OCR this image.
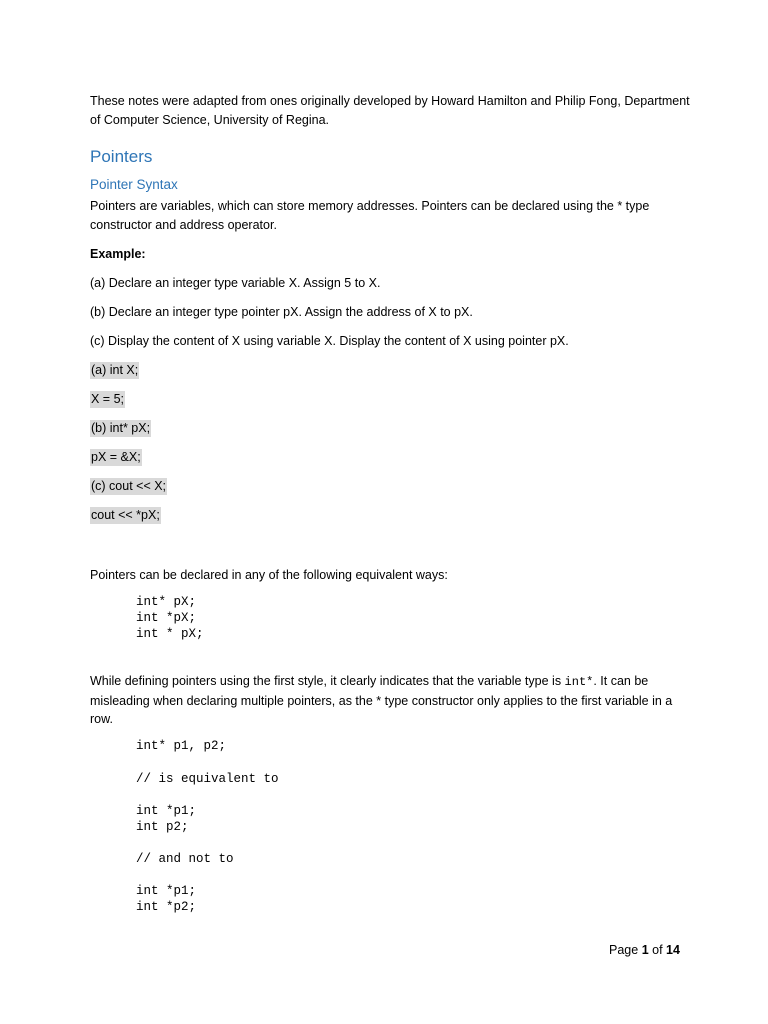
These notes were adapted from ones originally developed by Howard Hamilton and Philip Fong, Department of Computer Science, University of Regina.
Pointers
Pointer Syntax
Pointers are variables, which can store memory addresses. Pointers can be declared using the * type constructor and address operator.
Example:
(a) Declare an integer type variable X. Assign 5 to X.
(b) Declare an integer type pointer pX. Assign the address of X to pX.
(c) Display the content of X using variable X. Display the content of X using pointer pX.
(a) int X;
X = 5;
(b) int* pX;
pX = &X;
(c) cout << X;
cout << *pX;
Pointers can be declared in any of the following equivalent ways:
int* pX;
int *pX;
int * pX;
While defining pointers using the first style, it clearly indicates that the variable type is int*. It can be misleading when declaring multiple pointers, as the * type constructor only applies to the first variable in a row.
int* p1, p2;
// is equivalent to
int *p1;
int p2;
// and not to
int *p1;
int *p2;
Page 1 of 14
